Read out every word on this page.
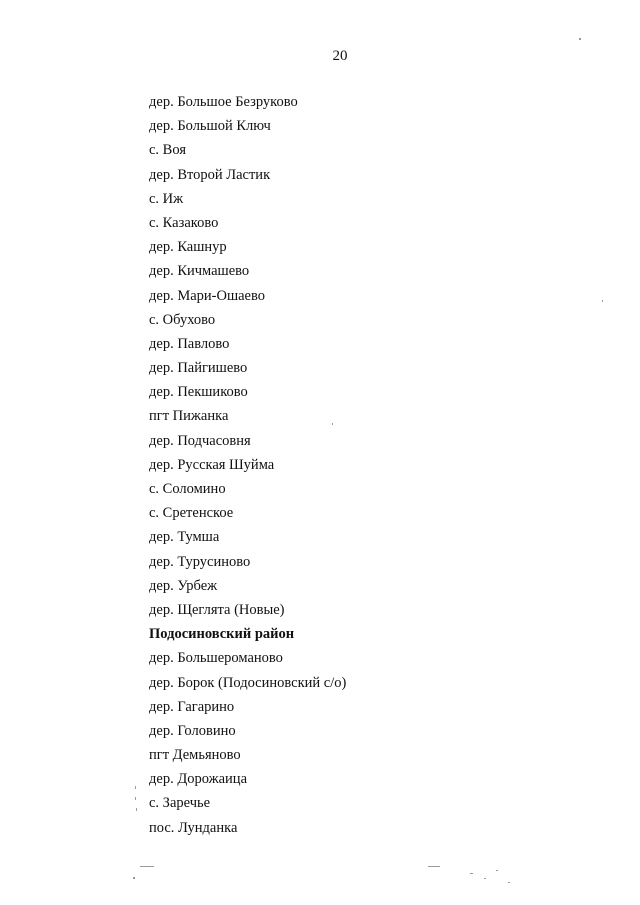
20
дер. Большое Безруково
дер. Большой Ключ
с. Воя
дер. Второй Ластик
с. Иж
с. Казаково
дер. Кашнур
дер. Кичмашево
дер. Мари-Ошаево
с. Обухово
дер. Павлово
дер. Пайгишево
дер. Пекшиково
пгт Пижанка
дер. Подчасовня
дер. Русская Шуйма
с. Соломино
с. Сретенское
дер. Тумша
дер. Турусиново
дер. Урбеж
дер. Щеглята (Новые)
Подосиновский район
дер. Большероманово
дер. Борок (Подосиновский с/о)
дер. Гагарино
дер. Головино
пгт Демьяново
дер. Дорожаица
с. Заречье
пос. Лунданка
